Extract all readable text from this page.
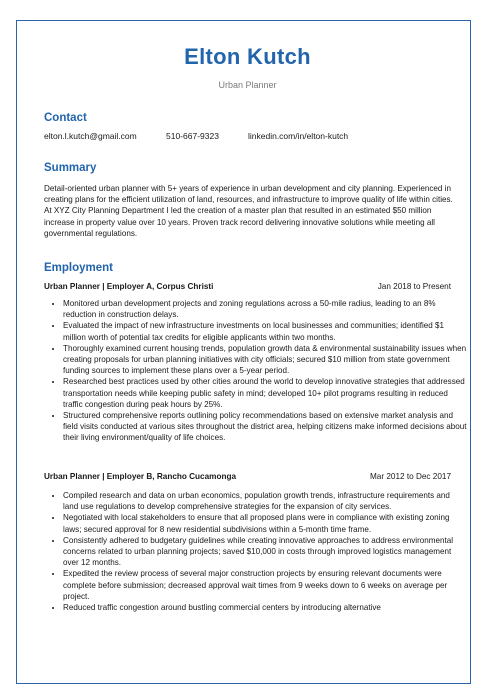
Elton Kutch
Urban Planner
Contact
elton.l.kutch@gmail.com	510-667-9323	linkedin.com/in/elton-kutch
Summary
Detail-oriented urban planner with 5+ years of experience in urban development and city planning. Experienced in creating plans for the efficient utilization of land, resources, and infrastructure to improve quality of life within cities. At XYZ City Planning Department I led the creation of a master plan that resulted in an estimated $50 million increase in property value over 10 years. Proven track record delivering innovative solutions while meeting all governmental regulations.
Employment
Urban Planner | Employer A, Corpus Christi	Jan 2018 to Present
• Monitored urban development projects and zoning regulations across a 50-mile radius, leading to an 8% reduction in construction delays.
• Evaluated the impact of new infrastructure investments on local businesses and communities; identified $1 million worth of potential tax credits for eligible applicants within two months.
• Thoroughly examined current housing trends, population growth data & environmental sustainability issues when creating proposals for urban planning initiatives with city officials; secured $10 million from state government funding sources to implement these plans over a 5-year period.
• Researched best practices used by other cities around the world to develop innovative strategies that addressed transportation needs while keeping public safety in mind; developed 10+ pilot programs resulting in reduced traffic congestion during peak hours by 25%.
• Structured comprehensive reports outlining policy recommendations based on extensive market analysis and field visits conducted at various sites throughout the district area, helping citizens make informed decisions about their living environment/quality of life choices.
Urban Planner | Employer B, Rancho Cucamonga	Mar 2012 to Dec 2017
• Compiled research and data on urban economics, population growth trends, infrastructure requirements and land use regulations to develop comprehensive strategies for the expansion of city services.
• Negotiated with local stakeholders to ensure that all proposed plans were in compliance with existing zoning laws; secured approval for 8 new residential subdivisions within a 5-month time frame.
• Consistently adhered to budgetary guidelines while creating innovative approaches to address environmental concerns related to urban planning projects; saved $10,000 in costs through improved logistics management over 12 months.
• Expedited the review process of several major construction projects by ensuring relevant documents were complete before submission; decreased approval wait times from 9 weeks down to 6 weeks on average per project.
• Reduced traffic congestion around bustling commercial centers by introducing alternative
